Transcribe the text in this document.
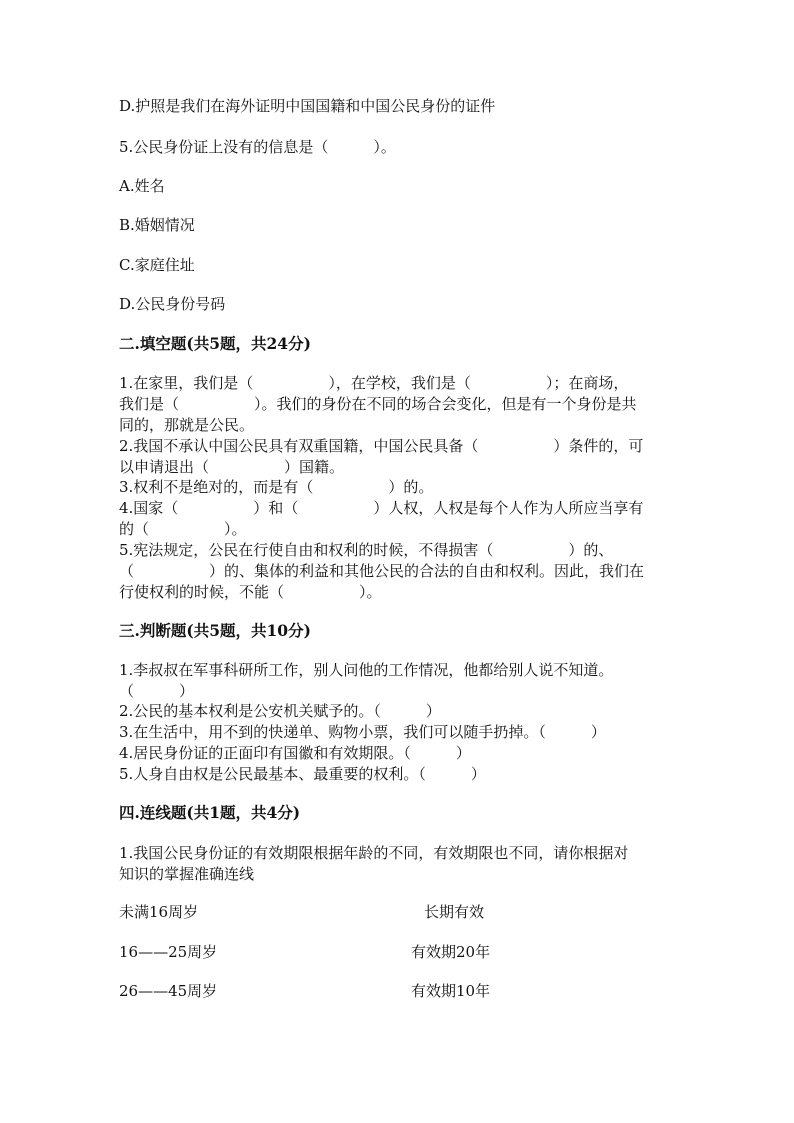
D.护照是我们在海外证明中国国籍和中国公民身份的证件
5.公民身份证上没有的信息是（　　　）。
A.姓名
B.婚姻情况
C.家庭住址
D.公民身份号码
二.填空题(共5题，共24分)
1.在家里，我们是（　　　　　），在学校，我们是（　　　　　）；在商场，
我们是（　　　　　）。我们的身份在不同的场合会变化，但是有一个身份是共
同的，那就是公民。
2.我国不承认中国公民具有双重国籍，中国公民具备（　　　　　）条件的，可
以申请退出（　　　　　）国籍。
3.权利不是绝对的，而是有（　　　　　）的。
4.国家（　　　　　）和（　　　　　）人权，人权是每个人作为人所应当享有
的（　　　　　）。
5.宪法规定，公民在行使自由和权利的时候，不得损害（　　　　　）的、
（　　　　　）的、集体的利益和其他公民的合法的自由和权利。因此，我们在
行使权利的时候，不能（　　　　　）。
三.判断题(共5题，共10分)
1.李叔叔在军事科研所工作，别人问他的工作情况，他都给别人说不知道。
（　　　）
2.公民的基本权利是公安机关赋予的。（　　　）
3.在生活中，用不到的快递单、购物小票，我们可以随手扔掉。（　　　）
4.居民身份证的正面印有国徽和有效期限。（　　　）
5.人身自由权是公民最基本、最重要的权利。（　　　）
四.连线题(共1题，共4分)
1.我国公民身份证的有效期限根据年龄的不同，有效期限也不同，请你根据对
知识的掌握准确连线
未满16周岁	长期有效
16——25周岁	有效期20年
26——45周岁	有效期10年
